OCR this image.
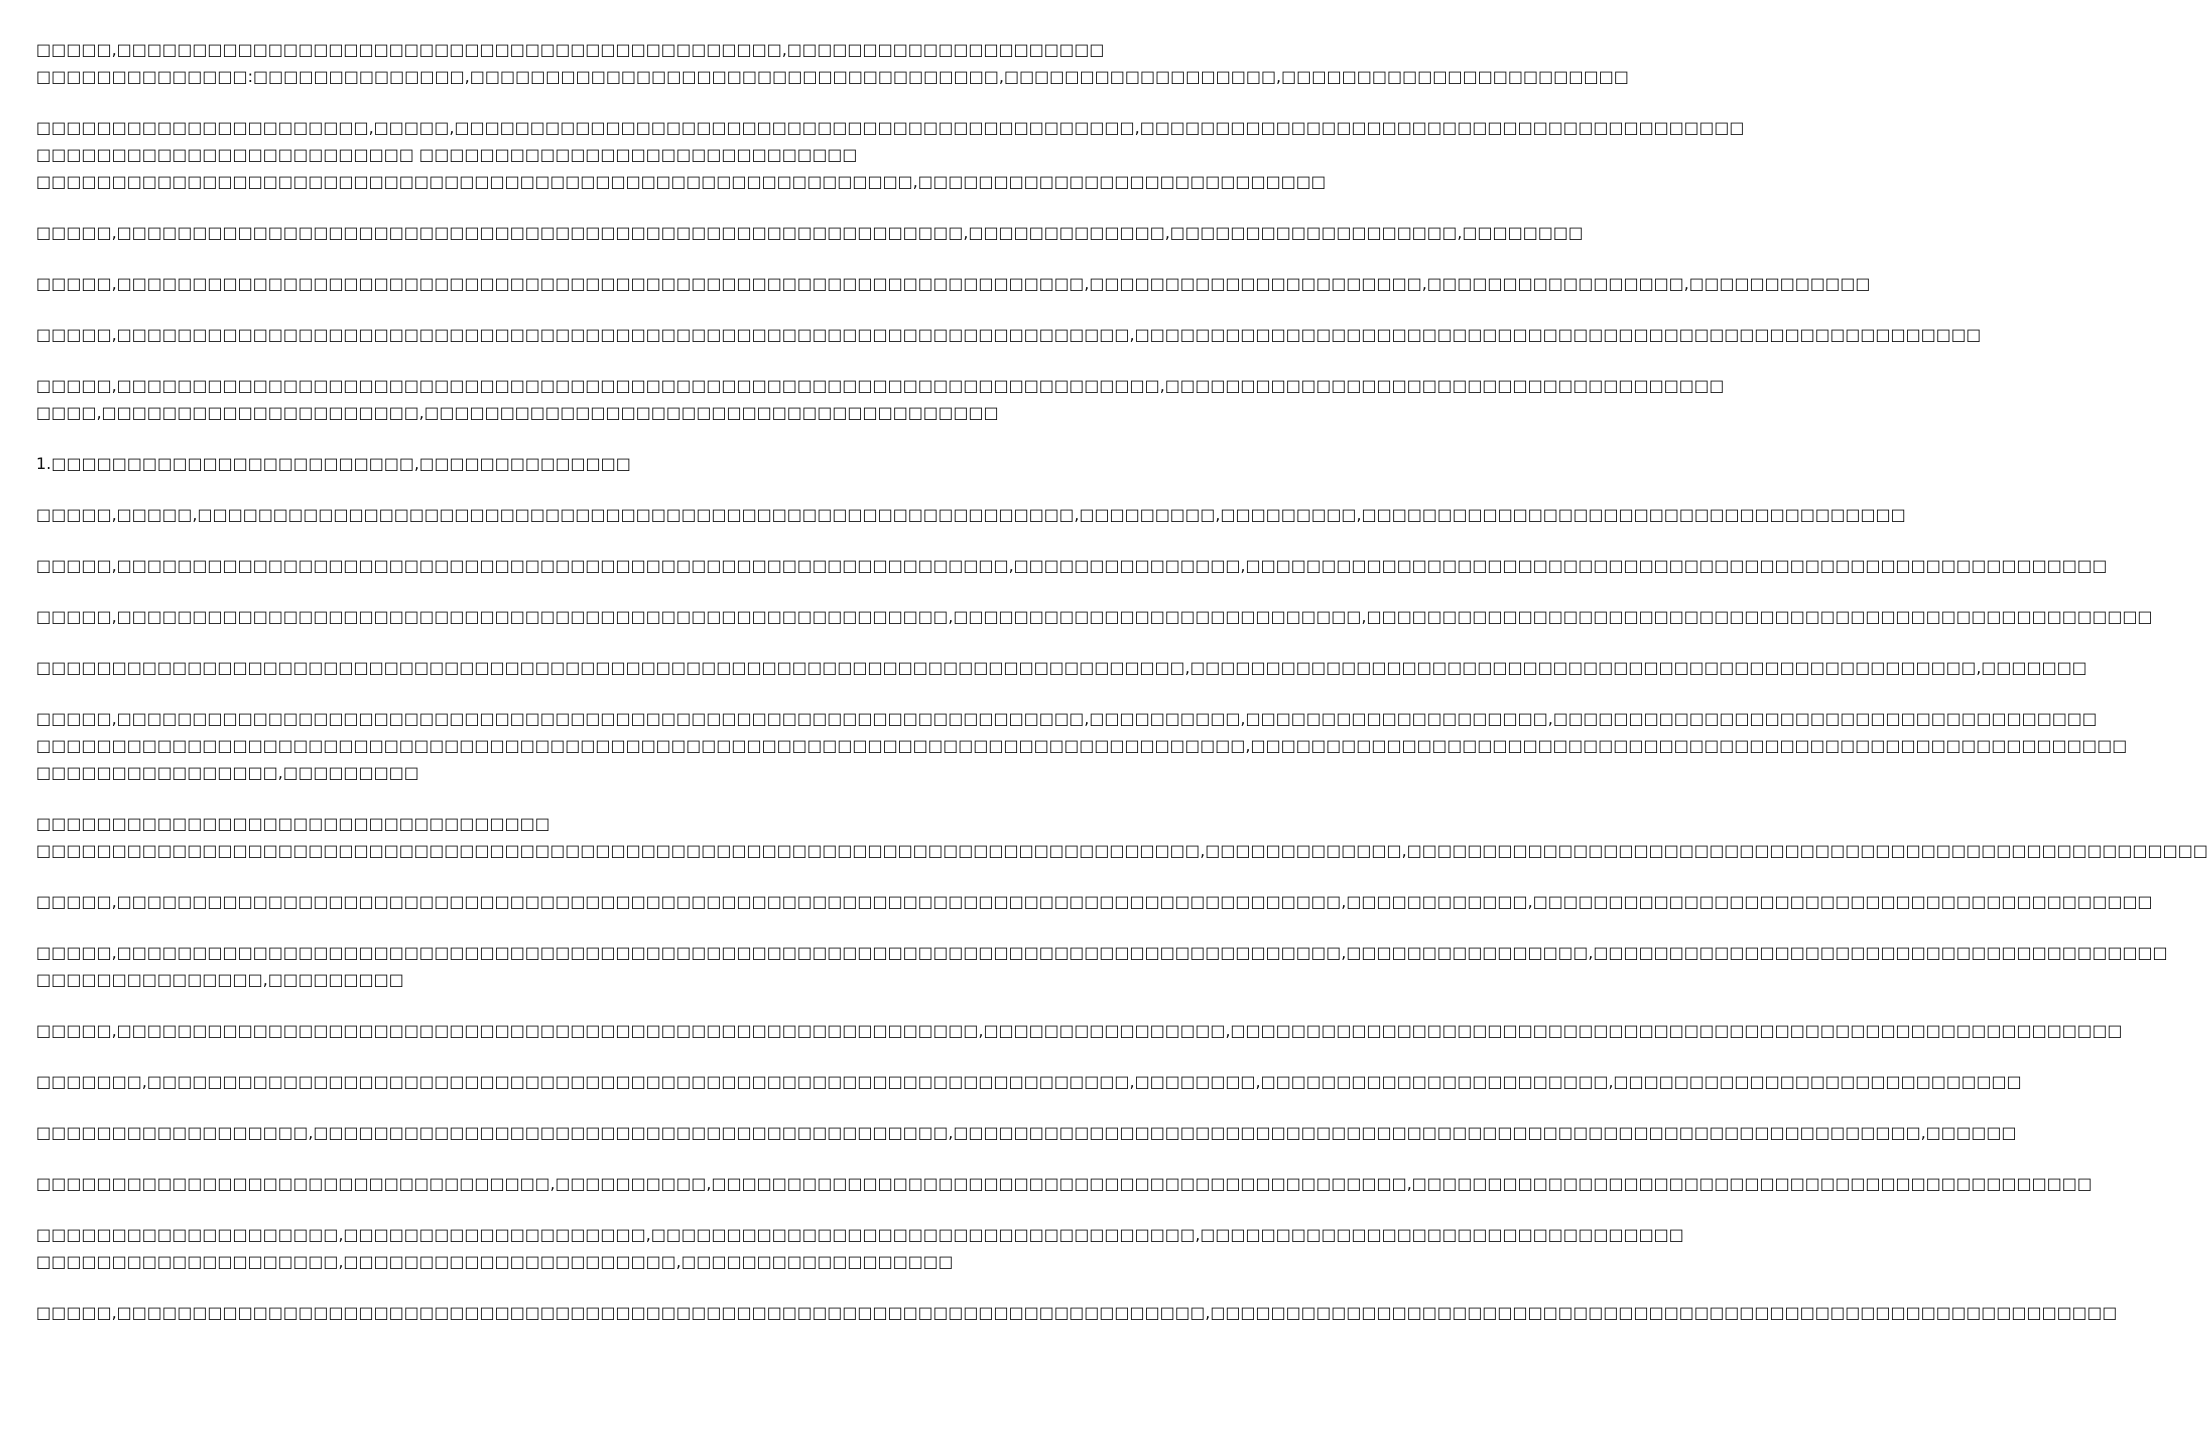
□□□□□,□□□□□□□□□□□□□□□□□□□□□□□□□□□□□□□□□□□□□□□□□□□□,□□□□□□□□□□□□□□□□□□□□□
□□□□□□□□□□□□□□:□□□□□□□□□□□□□□,□□□□□□□□□□□□□□□□□□□□□□□□□□□□□□□□□□□,□□□□□□□□□□□□□□□□□□,□□□□□□□□□□□□□□□□□□□□□□□
□□□□□□□□□□□□□□□□□□□□□□,□□□□□,□□□□□□□□□□□□□□□□□□□□□□□□□□□□□□□□□□□□□□□□□□□□□,□□□□□□□□□□□□□□□□□□□□□□□□□□□□□□□□□□□□□□□□
□□□□□□□□□□□□□□□□□□□□□□□□□ □□□□□□□□□□□□□□□□□□□□□□□□□□□□□
□□□□□□□□□□□□□□□□□□□□□□□□□□□□□□□□□□□□□□□□□□□□□□□□□□□□□□□□□□,□□□□□□□□□□□□□□□□□□□□□□□□□□□
□□□□□,□□□□□□□□□□□□□□□□□□□□□□□□□□□□□□□□□□□□□□□□□□□□□□□□□□□□□□□□,□□□□□□□□□□□□□,□□□□□□□□□□□□□□□□□□□,□□□□□□□□
□□□□□,□□□□□□□□□□□□□□□□□□□□□□□□□□□□□□□□□□□□□□□□□□□□□□□□□□□□□□□□□□□□□□□□,□□□□□□□□□□□□□□□□□□□□□□,□□□□□□□□□□□□□□□□□,□□□□□□□□□□□□
□□□□□,□□□□□□□□□□□□□□□□□□□□□□□□□□□□□□□□□□□□□□□□□□□□□□□□□□□□□□□□□□□□□□□□□□□,□□□□□□□□□□□□□□□□□□□□□□□□□□□□□□□□□□□□□□□□□□□□□□□□□□□□□□□□
□□□□□,□□□□□□□□□□□□□□□□□□□□□□□□□□□□□□□□□□□□□□□□□□□□□□□□□□□□□□□□□□□□□□□□□□□□□,□□□□□□□□□□□□□□□□□□□□□□□□□□□□□□□□□□□□□
□□□□,□□□□□□□□□□□□□□□□□□□□□,□□□□□□□□□□□□□□□□□□□□□□□□□□□□□□□□□□□□□□
1.□□□□□□□□□□□□□□□□□□□□□□□□,□□□□□□□□□□□□□□
□□□□□,□□□□□,□□□□□□□□□□□□□□□□□□□□□□□□□□□□□□□□□□□□□□□□□□□□□□□□□□□□□□□□□□,□□□□□□□□□,□□□□□□□□□,□□□□□□□□□□□□□□□□□□□□□□□□□□□□□□□□□□□□
□□□□□,□□□□□□□□□□□□□□□□□□□□□□□□□□□□□□□□□□□□□□□□□□□□□□□□□□□□□□□□□□□,□□□□□□□□□□□□□□□,□□□□□□□□□□□□□□□□□□□□□□□□□□□□□□□□□□□□□□□□□□□□□□□□□□□□□□□□□
□□□□□,□□□□□□□□□□□□□□□□□□□□□□□□□□□□□□□□□□□□□□□□□□□□□□□□□□□□□□□,□□□□□□□□□□□□□□□□□□□□□□□□□□□,□□□□□□□□□□□□□□□□□□□□□□□□□□□□□□□□□□□□□□□□□□□□□□□□□□□□
□□□□□□□□□□□□□□□□□□□□□□□□□□□□□□□□□□□□□□□□□□□□□□□□□□□□□□□□□□□□□□□□□□□□□□□□□□□□,□□□□□□□□□□□□□□□□□□□□□□□□□□□□□□□□□□□□□□□□□□□□□□□□□□□□,□□□□□□□
□□□□□,□□□□□□□□□□□□□□□□□□□□□□□□□□□□□□□□□□□□□□□□□□□□□□□□□□□□□□□□□□□□□□□□,□□□□□□□□□□,□□□□□□□□□□□□□□□□□□□□,□□□□□□□□□□□□□□□□□□□□□□□□□□□□□□□□□□□□
□□□□□□□□□□□□□□□□□□□□□□□□□□□□□□□□□□□□□□□□□□□□□□□□□□□□□□□□□□□□□□□□□□□□□□□□□□□□□□□□,□□□□□□□□□□□□□□□□□□□□□□□□□□□□□□□□□□□□□□□□□□□□□□□□□□□□□□□□□□
□□□□□□□□□□□□□□□□,□□□□□□□□□
□□□□□□□□□□□□□□□□□□□□□□□□□□□□□□□□□□
□□□□□□□□□□□□□□□□□□□□□□□□□□□□□□□□□□□□□□□□□□□□□□□□□□□□□□□□□□□□□□□□□□□□□□□□□□□□□,□□□□□□□□□□□□□,□□□□□□□□□□□□□□□□□□□□□□□□□□□□□□□□□□□□□□□□□□□□□□□□□□□□□
□□□□□,□□□□□□□□□□□□□□□□□□□□□□□□□□□□□□□□□□□□□□□□□□□□□□□□□□□□□□□□□□□□□□□□□□□□□□□□□□□□□□□□□,□□□□□□□□□□□□,□□□□□□□□□□□□□□□□□□□□□□□□□□□□□□□□□□□□□□□□□
□□□□□,□□□□□□□□□□□□□□□□□□□□□□□□□□□□□□□□□□□□□□□□□□□□□□□□□□□□□□□□□□□□□□□□□□□□□□□□□□□□□□□□□,□□□□□□□□□□□□□□□□,□□□□□□□□□□□□□□□□□□□□□□□□□□□□□□□□□□□□□□
□□□□□□□□□□□□□□□,□□□□□□□□□
□□□□□,□□□□□□□□□□□□□□□□□□□□□□□□□□□□□□□□□□□□□□□□□□□□□□□□□□□□□□□□□,□□□□□□□□□□□□□□□□,□□□□□□□□□□□□□□□□□□□□□□□□□□□□□□□□□□□□□□□□□□□□□□□□□□□□□□□□□□□
□□□□□□□,□□□□□□□□□□□□□□□□□□□□□□□□□□□□□□□□□□□□□□□□□□□□□□□□□□□□□□□□□□□□□□□□□,□□□□□□□□,□□□□□□□□□□□□□□□□□□□□□□□,□□□□□□□□□□□□□□□□□□□□□□□□□□□
□□□□□□□□□□□□□□□□□□,□□□□□□□□□□□□□□□□□□□□□□□□□□□□□□□□□□□□□□□□□□,□□□□□□□□□□□□□□□□□□□□□□□□□□□□□□□□□□□□□□□□□□□□□□□□□□□□□□□□□□□□□□□□,□□□□□□
□□□□□□□□□□□□□□□□□□□□□□□□□□□□□□□□□□,□□□□□□□□□□,□□□□□□□□□□□□□□□□□□□□□□□□□□□□□□□□□□□□□□□□□□□□□□,□□□□□□□□□□□□□□□□□□□□□□□□□□□□□□□□□□□□□□□□□□□□□
□□□□□□□□□□□□□□□□□□□□,□□□□□□□□□□□□□□□□□□□□,□□□□□□□□□□□□□□□□□□□□□□□□□□□□□□□□□□□□,□□□□□□□□□□□□□□□□□□□□□□□□□□□□□□□□
□□□□□□□□□□□□□□□□□□□□,□□□□□□□□□□□□□□□□□□□□□□,□□□□□□□□□□□□□□□□□□
□□□□□,□□□□□□□□□□□□□□□□□□□□□□□□□□□□□□□□□□□□□□□□□□□□□□□□□□□□□□□□□□□□□□□□□□□□□□□□,□□□□□□□□□□□□□□□□□□□□□□□□□□□□□□□□□□□□□□□□□□□□□□□□□□□□□□□□□□□□
